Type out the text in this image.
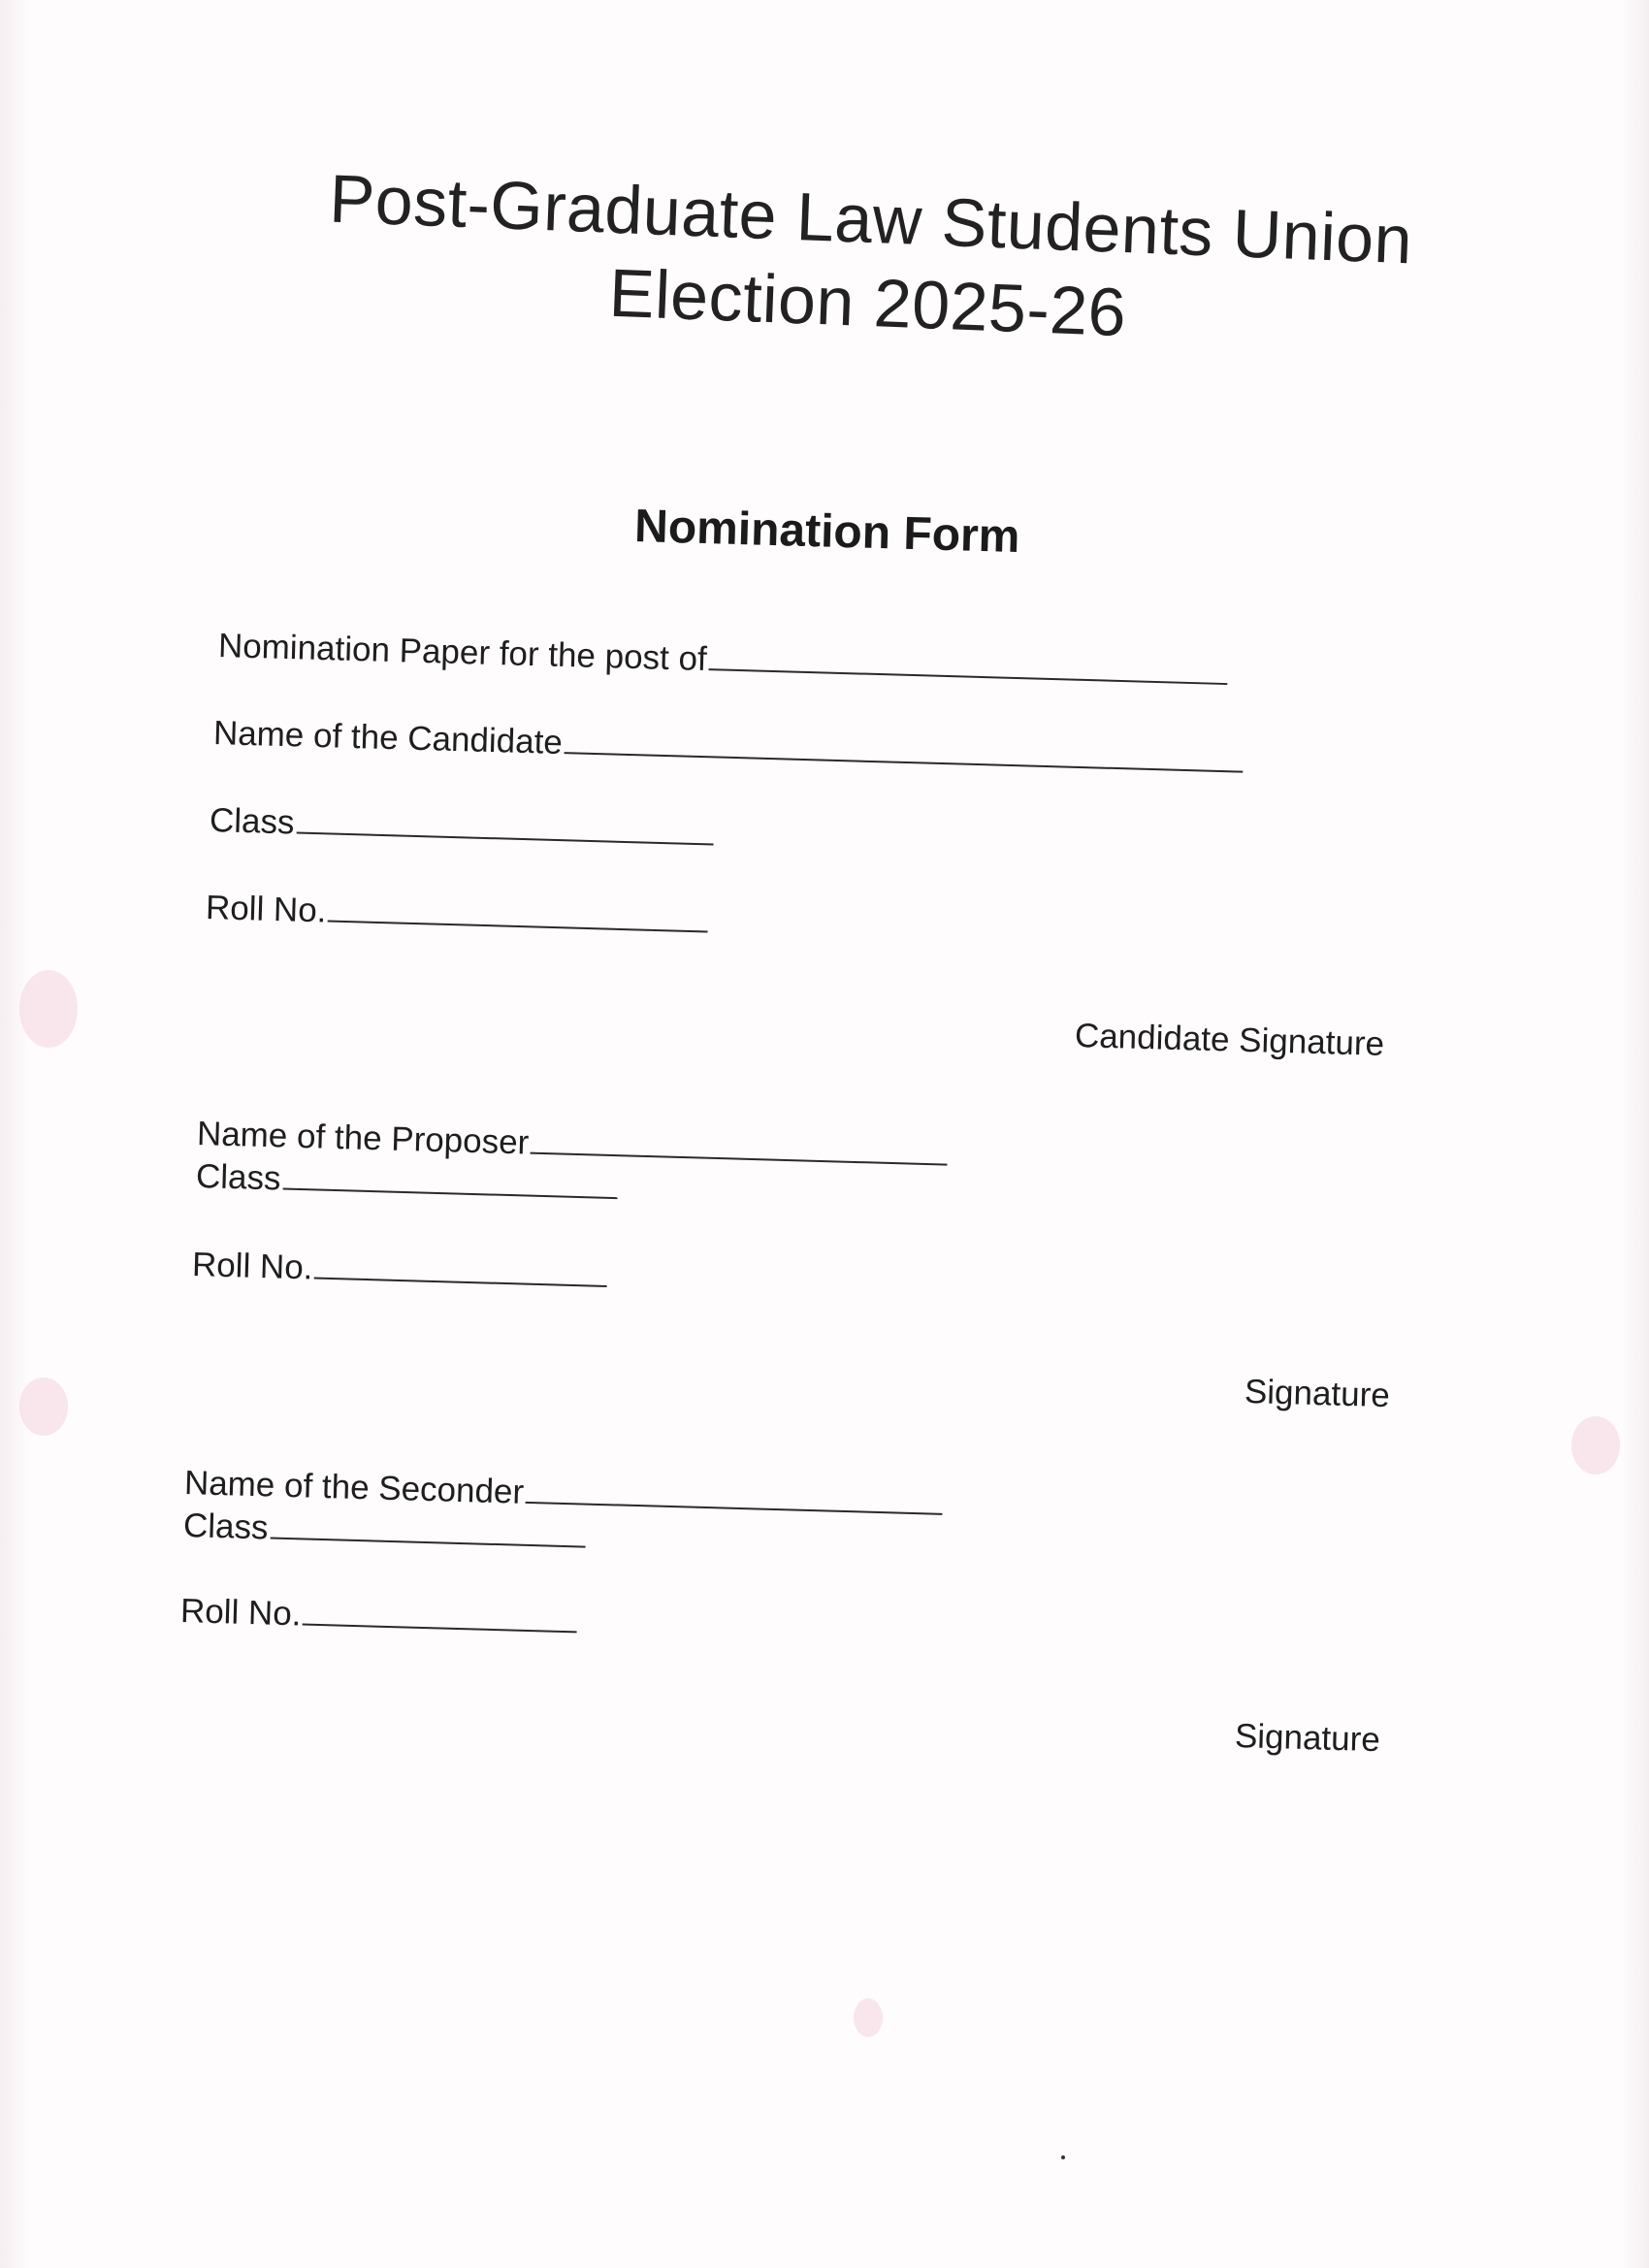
Post-Graduate Law Students Union
Election 2025-26
Nomination Form
Nomination Paper for the post of
Name of the Candidate
Class
Roll No.
Candidate Signature
Name of the Proposer
Class
Roll No.
Signature
Name of the Seconder
Class
Roll No.
Signature
